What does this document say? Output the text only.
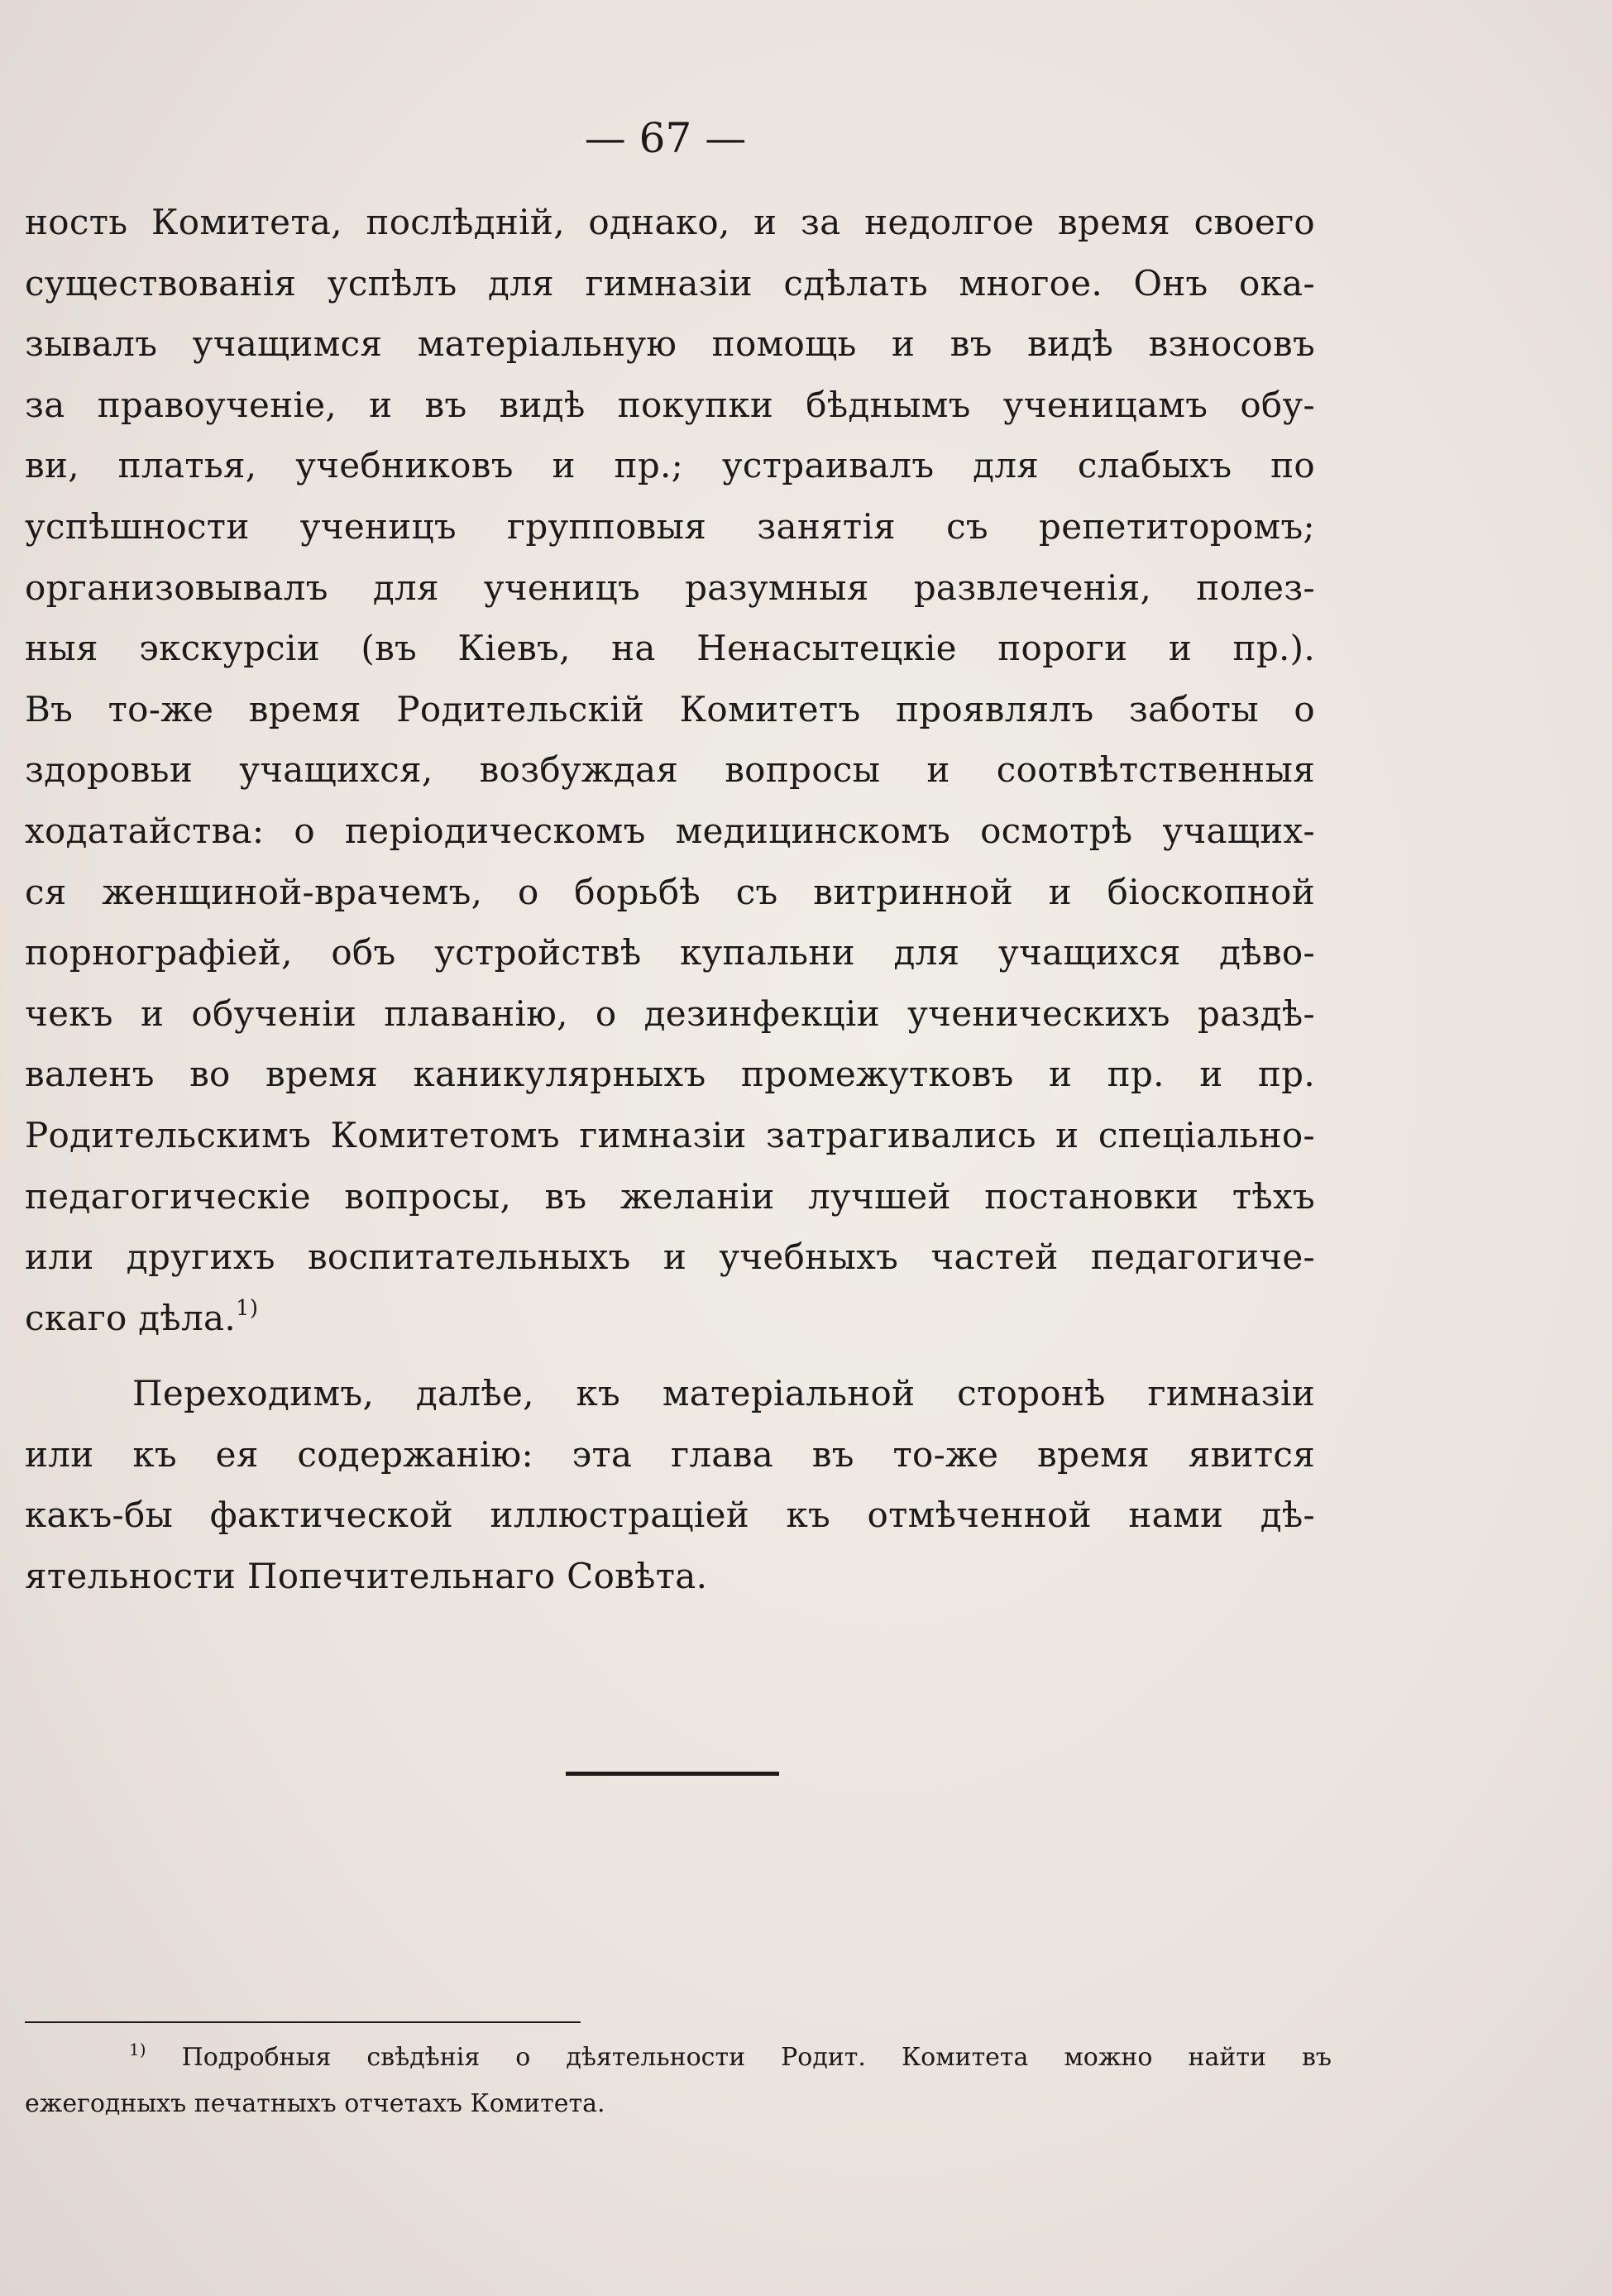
— 67 —
ность Комитета, послѣдній, однако, и за недолгое время своего
существованія успѣлъ для гимназіи сдѣлать многое. Онъ ока-
зывалъ учащимся матеріальную помощь и въ видѣ взносовъ
за правоученіе, и въ видѣ покупки бѣднымъ ученицамъ обу-
ви, платья, учебниковъ и пр.; устраивалъ для слабыхъ по
успѣшности ученицъ групповыя занятія съ репетиторомъ;
организовывалъ для ученицъ разумныя развлеченія, полез-
ныя экскурсіи (въ Кіевъ, на Ненасытецкіе пороги и пр.).
Въ то-же время Родительскій Комитетъ проявлялъ заботы о
здоровьи учащихся, возбуждая вопросы и соотвѣтственныя
ходатайства: о періодическомъ медицинскомъ осмотрѣ учащих-
ся женщиной-врачемъ, о борьбѣ съ витринной и біоскопной
порнографіей, объ устройствѣ купальни для учащихся дѣво-
чекъ и обученіи плаванію, о дезинфекціи ученическихъ раздѣ-
валенъ во время каникулярныхъ промежутковъ и пр. и пр.
Родительскимъ Комитетомъ гимназіи затрагивались и спеціально-
педагогическіе вопросы, въ желаніи лучшей постановки тѣхъ
или другихъ воспитательныхъ и учебныхъ частей педагогиче-
скаго дѣла.$^{1)}$
Переходимъ, далѣе, къ матеріальной сторонѣ гимназіи
или къ ея содержанію: эта глава въ то-же время явится
какъ-бы фактической иллюстраціей къ отмѣченной нами дѣ-
ятельности Попечительнаго Совѣта.
$^{1)}$ Подробныя свѣдѣнія о дѣятельности Родит. Комитета можно найти въ
ежегодныхъ печатныхъ отчетахъ Комитета.
